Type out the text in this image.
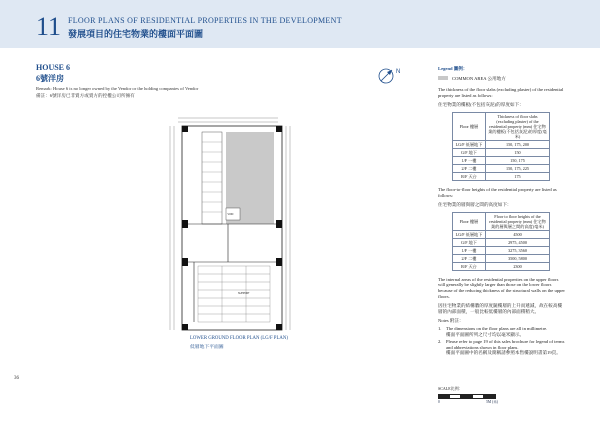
11 FLOOR PLANS OF RESIDENTIAL PROPERTIES IN THE DEVELOPMENT
發展項目的住宅物業的樓面平面圖
HOUSE 6
6號洋房
Remark: House 6 is no longer owned by the Vendor or the holding companies of Vendor
備註：6號洋房已非賣方或賣方的控權公司所擁有
N
VOID
SUPPORT
LOWER GROUND FLOOR PLAN (LG/F PLAN)
低層地下平面圖
36
Legend 圖例：
COMMON AREA 公用地方
The thickness of the floor slabs (excluding plaster) of the residential property are listed as follows:
住宅物業的樓板(不包括灰泥)的厚度如下：
Floor 樓層	Thickness of floor slabs (excluding plaster) of the residential property (mm) 住宅物業的樓板(不包括灰泥)的厚度(毫米)
LG/F 低層地下	150, 175, 200
G/F 地下	150
1/F 一樓	150, 175
2/F 二樓	150, 175, 225
R/F 天台	175
The floor-to-floor heights of the residential property are listed as follows:
住宅物業的層與層之間的高度如下：
Floor 樓層	Floor to floor heights of the residential property (mm) 住宅物業的層與層之間的高度(毫米)
LG/F 低層地下	4500
G/F 地下	2975, 4500
1/F 一樓	3275, 3560
2/F 二樓	3500, 5800
R/F 天台	2300
The internal areas of the residential properties on the upper floors will generally be slightly larger than those on the lower floors because of the reducing thickness of the structural walls on the upper floors.
因住宅物業的結構牆的厚度隨樓層的上升而遞減，故在較高樓層的內部面積，一般比較低樓層的內部面積稍大。
Notes 附註：
1. The dimensions on the floor plans are all in millimetre.
樓面平面圖所列之尺寸均以毫米顯示。
2. Please refer to page 19 of this sales brochure for legend of terms and abbreviations shown in floor plans.
樓面平面圖中的名稱及簡稱請參照本售樓說明書第19頁。
SCALE比例：
0	5M (米)
